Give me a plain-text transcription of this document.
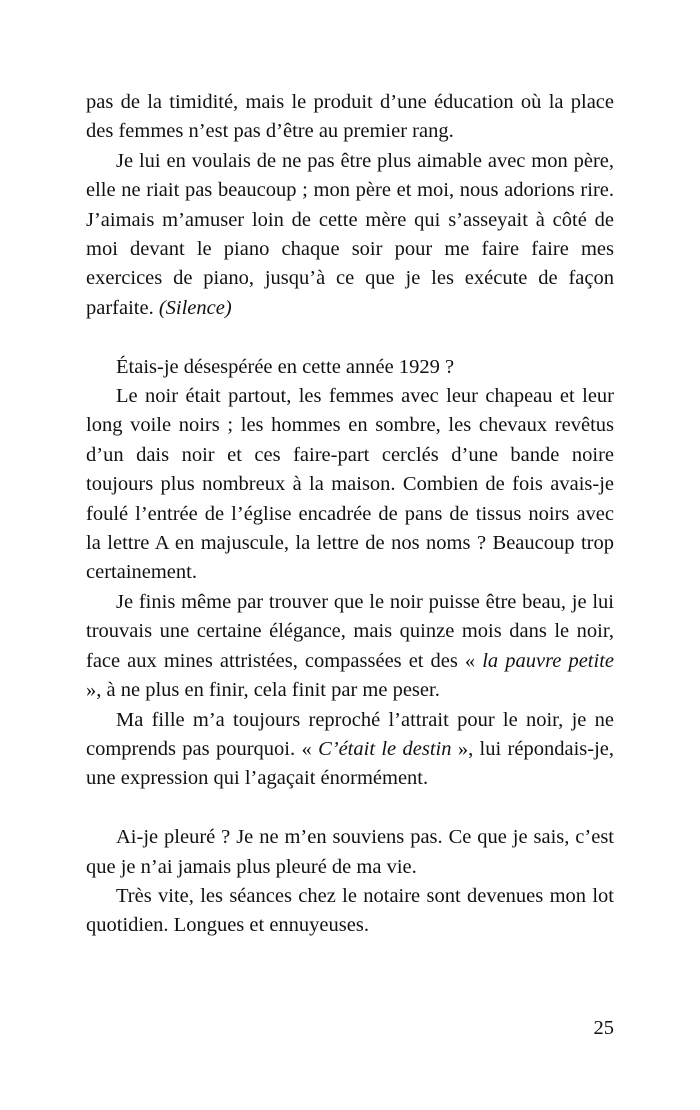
pas de la timidité, mais le produit d’une éducation où la place des femmes n’est pas d’être au premier rang.

Je lui en voulais de ne pas être plus aimable avec mon père, elle ne riait pas beaucoup ; mon père et moi, nous adorions rire. J’aimais m’amuser loin de cette mère qui s’asseyait à côté de moi devant le piano chaque soir pour me faire faire mes exercices de piano, jusqu’à ce que je les exécute de façon parfaite. (Silence)

Étais-je désespérée en cette année 1929 ?

Le noir était partout, les femmes avec leur chapeau et leur long voile noirs ; les hommes en sombre, les chevaux revêtus d’un dais noir et ces faire-part cerclés d’une bande noire toujours plus nombreux à la maison. Combien de fois avais-je foulé l’entrée de l’église encadrée de pans de tissus noirs avec la lettre A en majuscule, la lettre de nos noms ? Beaucoup trop certainement.

Je finis même par trouver que le noir puisse être beau, je lui trouvais une certaine élégance, mais quinze mois dans le noir, face aux mines attristées, compassées et des « la pauvre petite », à ne plus en finir, cela finit par me peser.

Ma fille m’a toujours reproché l’attrait pour le noir, je ne comprends pas pourquoi. « C’était le destin », lui répondais-je, une expression qui l’agaçait énormément.

Ai-je pleuré ? Je ne m’en souviens pas. Ce que je sais, c’est que je n’ai jamais plus pleuré de ma vie.

Très vite, les séances chez le notaire sont devenues mon lot quotidien. Longues et ennuyeuses.

25
